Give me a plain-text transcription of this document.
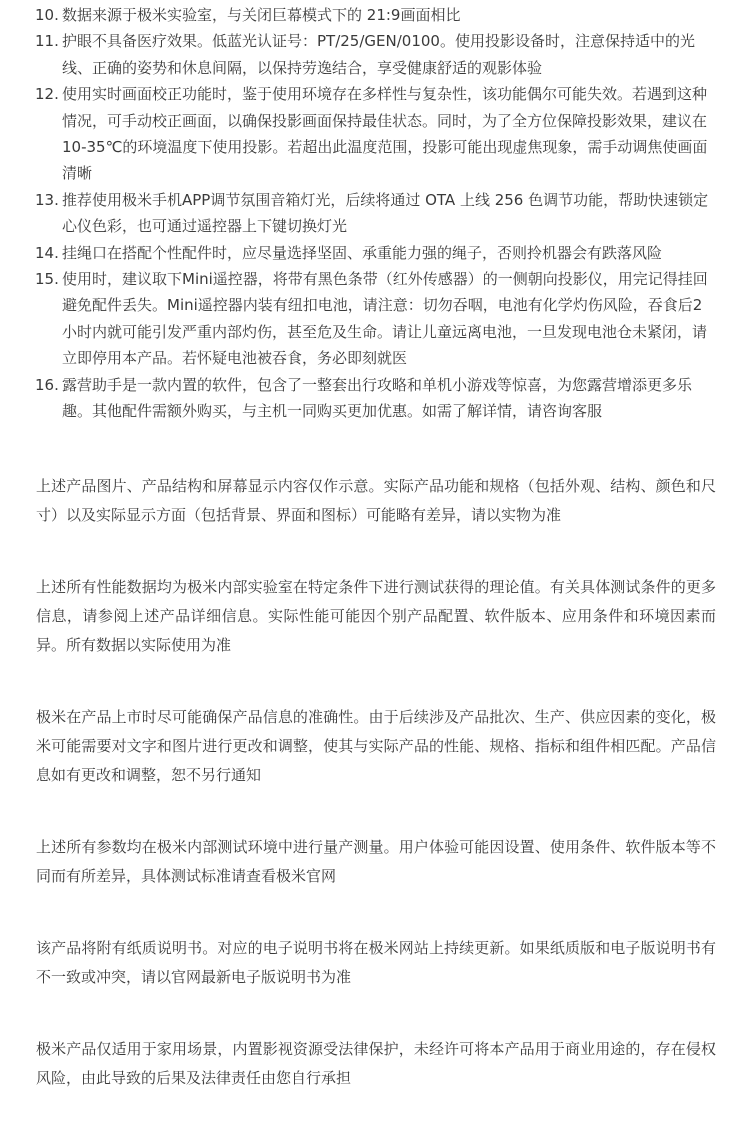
10. 数据来源于极米实验室，与关闭巨幕模式下的 21:9画面相比
11. 护眼不具备医疗效果。低蓝光认证号：PT/25/GEN/0100。使用投影设备时，注意保持适中的光线、正确的姿势和休息间隔，以保持劳逸结合，享受健康舒适的观影体验
12. 使用实时画面校正功能时，鉴于使用环境存在多样性与复杂性，该功能偶尔可能失效。若遇到这种情况，可手动校正画面，以确保投影画面保持最佳状态。同时，为了全方位保障投影效果，建议在10-35℃的环境温度下使用投影。若超出此温度范围，投影可能出现虚焦现象，需手动调焦使画面清晰
13. 推荐使用极米手机APP调节氛围音箱灯光，后续将通过 OTA 上线 256 色调节功能，帮助快速锁定心仪色彩，也可通过遥控器上下键切换灯光
14. 挂绳口在搭配个性配件时，应尽量选择坚固、承重能力强的绳子，否则拎机器会有跌落风险
15. 使用时，建议取下Mini遥控器，将带有黑色条带（红外传感器）的一侧朝向投影仪，用完记得挂回避免配件丢失。Mini遥控器内装有纽扣电池，请注意：切勿吞咽，电池有化学灼伤风险，吞食后2小时内就可能引发严重内部灼伤，甚至危及生命。请让儿童远离电池，一旦发现电池仓未紧闭，请立即停用本产品。若怀疑电池被吞食，务必即刻就医
16. 露营助手是一款内置的软件，包含了一整套出行攻略和单机小游戏等惊喜，为您露营增添更多乐趣。其他配件需额外购买，与主机一同购买更加优惠。如需了解详情，请咨询客服

上述产品图片、产品结构和屏幕显示内容仅作示意。实际产品功能和规格（包括外观、结构、颜色和尺寸）以及实际显示方面（包括背景、界面和图标）可能略有差异，请以实物为准

上述所有性能数据均为极米内部实验室在特定条件下进行测试获得的理论值。有关具体测试条件的更多信息，请参阅上述产品详细信息。实际性能可能因个别产品配置、软件版本、应用条件和环境因素而异。所有数据以实际使用为准

极米在产品上市时尽可能确保产品信息的准确性。由于后续涉及产品批次、生产、供应因素的变化，极米可能需要对文字和图片进行更改和调整，使其与实际产品的性能、规格、指标和组件相匹配。产品信息如有更改和调整，恕不另行通知

上述所有参数均在极米内部测试环境中进行量产测量。用户体验可能因设置、使用条件、软件版本等不同而有所差异，具体测试标准请查看极米官网

该产品将附有纸质说明书。对应的电子说明书将在极米网站上持续更新。如果纸质版和电子版说明书有不一致或冲突，请以官网最新电子版说明书为准

极米产品仅适用于家用场景，内置影视资源受法律保护，未经许可将本产品用于商业用途的，存在侵权风险，由此导致的后果及法律责任由您自行承担
